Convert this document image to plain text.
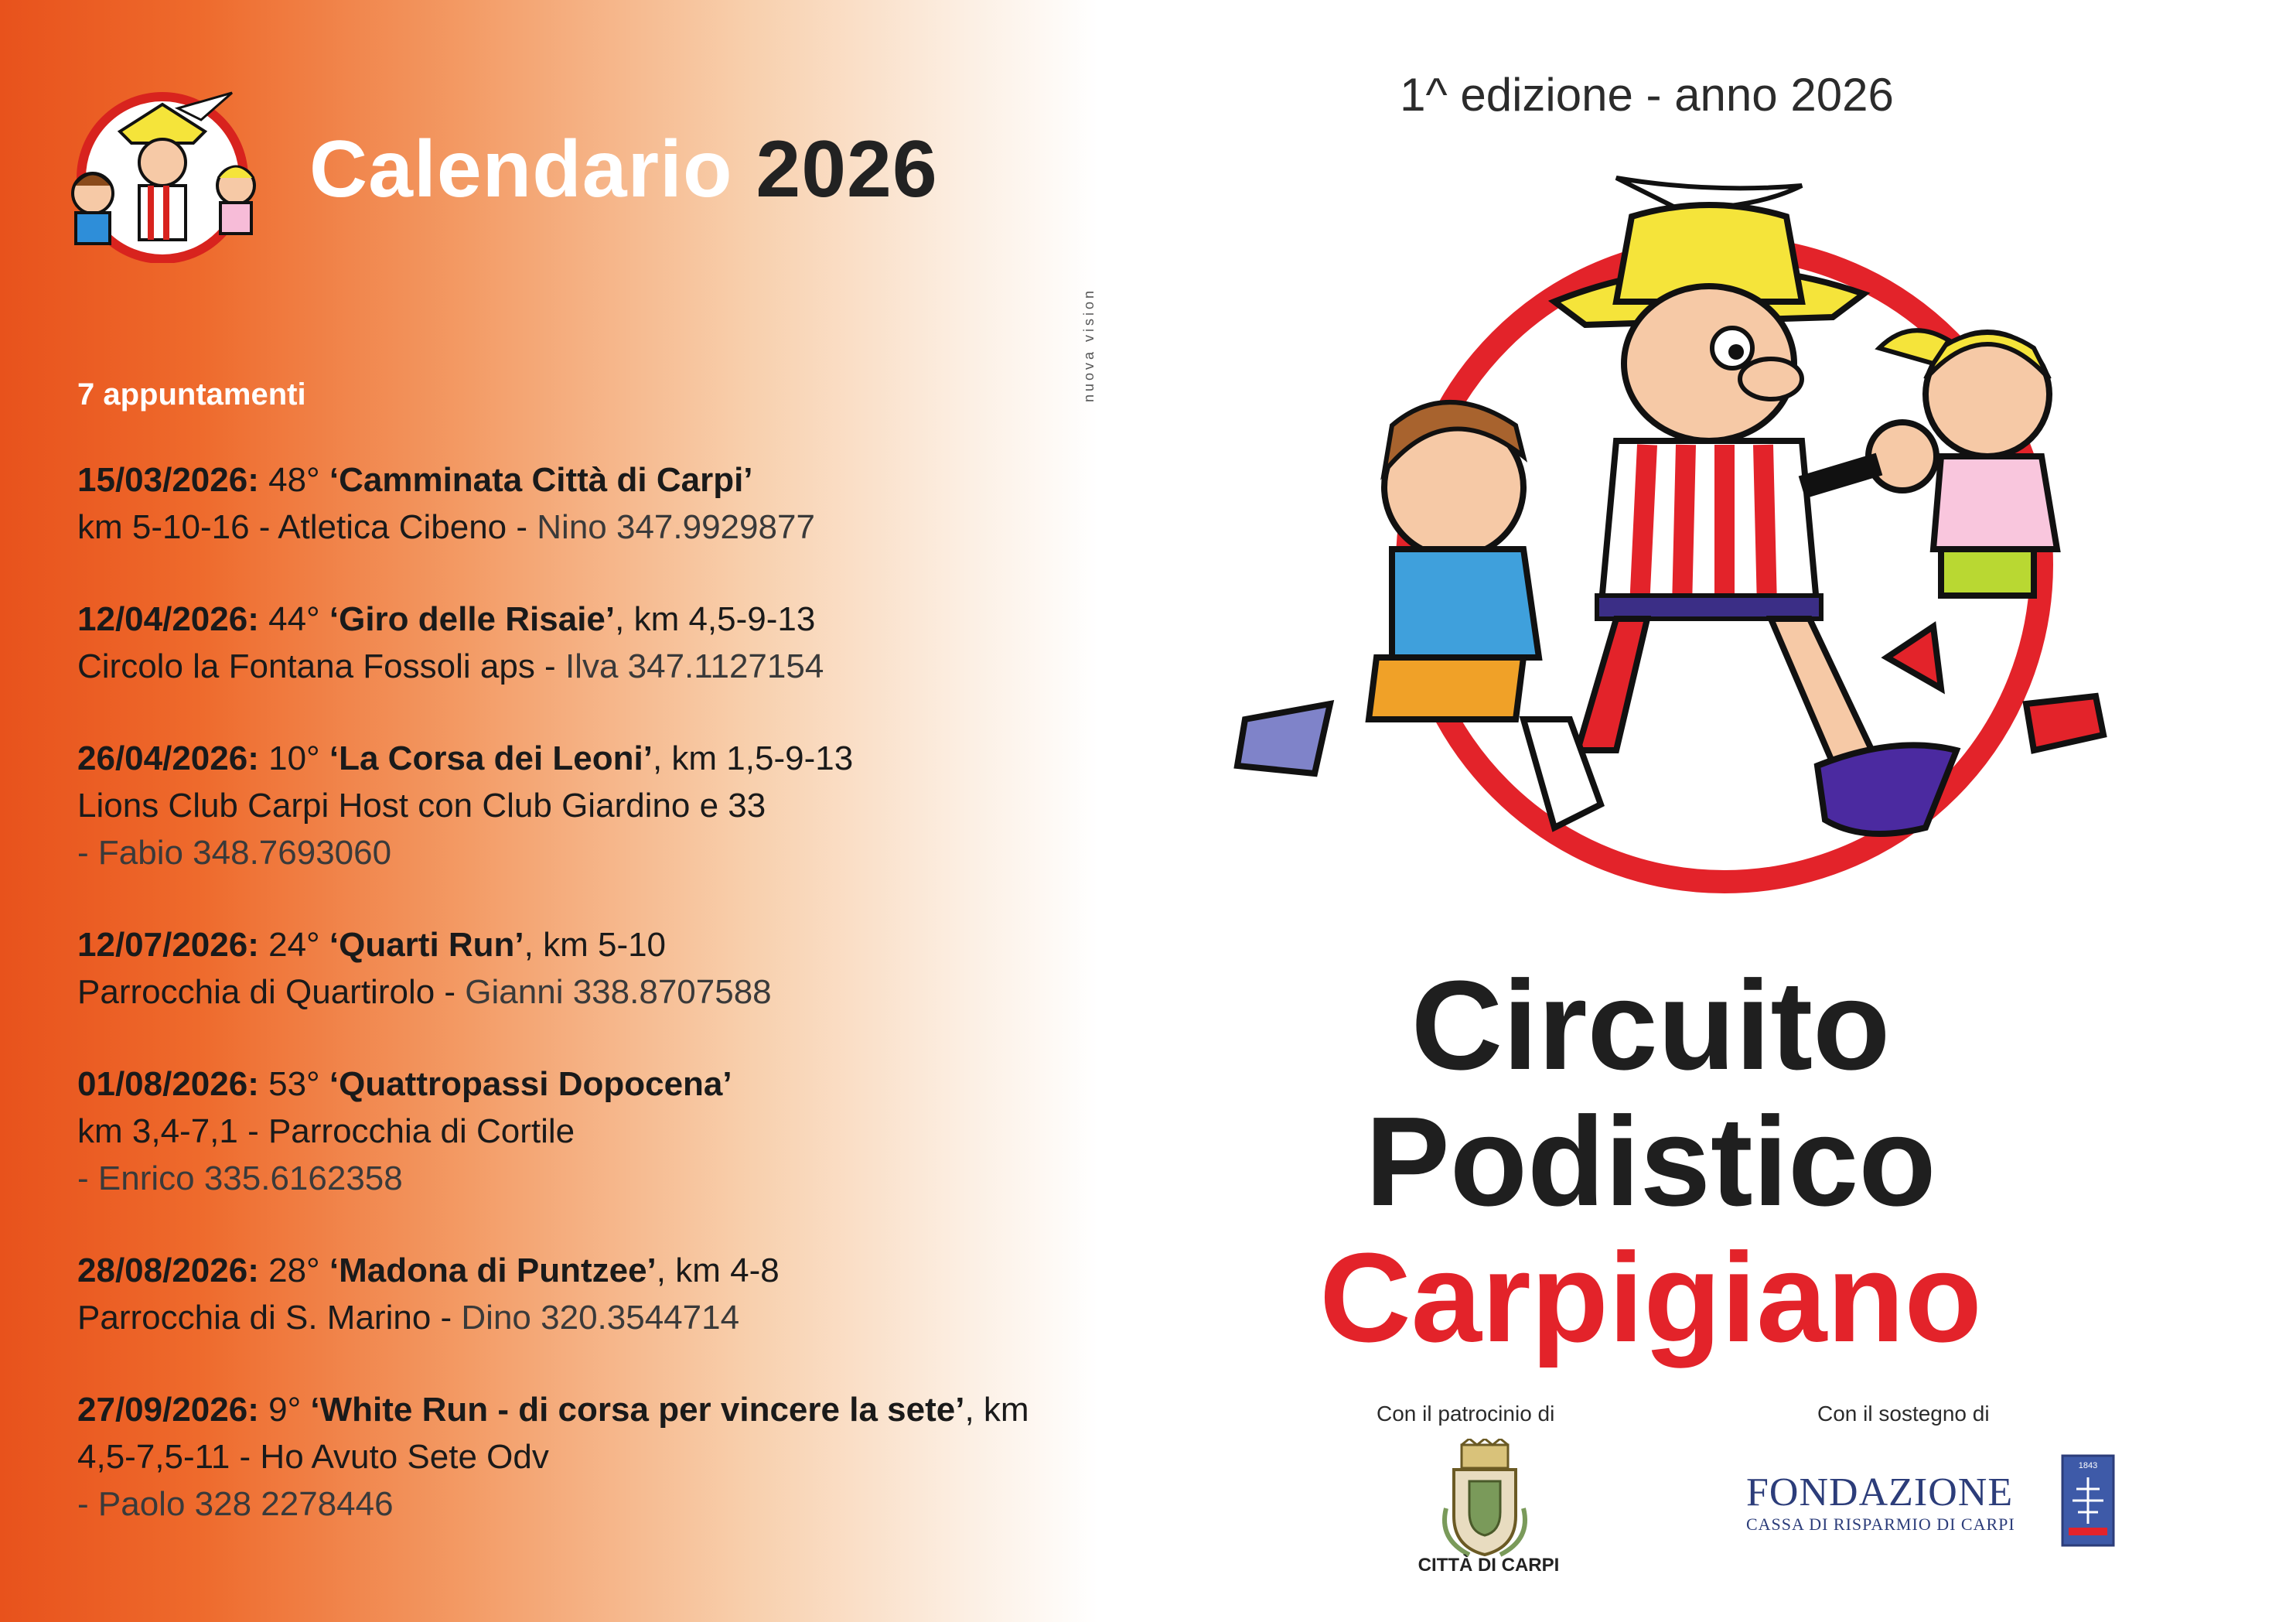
Calendario 2026
7 appuntamenti
15/03/2026: 48° ‘Camminata Città di Carpi’
km 5-10-16 - Atletica Cibeno - Nino 347.9929877
12/04/2026: 44° ‘Giro delle Risaie’, km 4,5-9-13
Circolo la Fontana Fossoli aps - Ilva 347.1127154
26/04/2026: 10° ‘La Corsa dei Leoni’, km 1,5-9-13
Lions Club Carpi Host con Club Giardino e 33
- Fabio 348.7693060
12/07/2026: 24° ‘Quarti Run’, km 5-10
Parrocchia di Quartirolo - Gianni 338.8707588
01/08/2026: 53° ‘Quattropassi Dopocena’
km 3,4-7,1 - Parrocchia di Cortile
- Enrico 335.6162358
28/08/2026: 28° ‘Madona di Puntzee’, km 4-8
Parrocchia di S. Marino - Dino 320.3544714
27/09/2026: 9° ‘White Run - di corsa per vincere la sete’, km 4,5-7,5-11 - Ho Avuto Sete Odv
- Paolo 328 2278446
nuova vision
1^ edizione - anno 2026
Circuito
Podistico
Carpigiano
Con il patrocinio di	Con il sostegno di
CITTÀ DI CARPI
FONDAZIONE
CASSA DI RISPARMIO DI CARPI
1843
